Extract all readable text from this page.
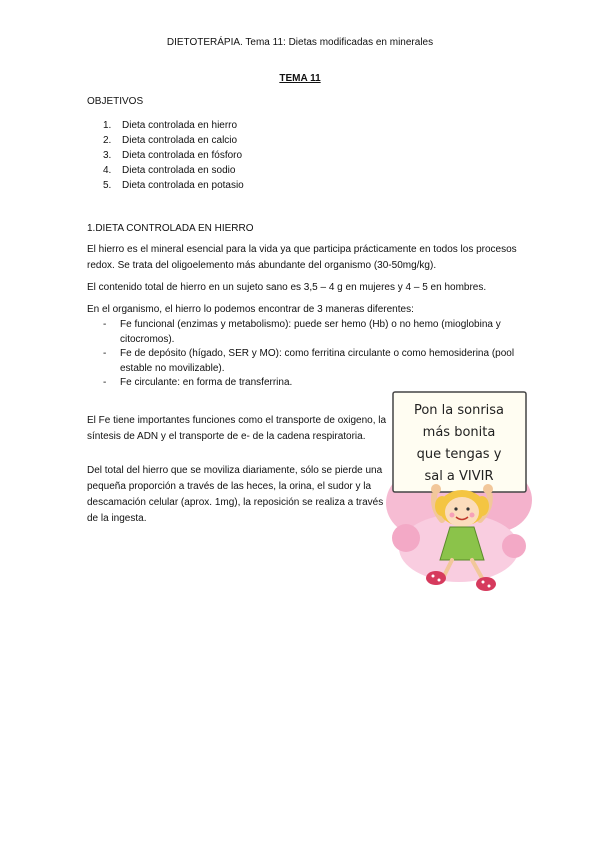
DIETOTERÁPIA. Tema 11: Dietas modificadas en minerales
TEMA 11
OBJETIVOS
1. Dieta controlada en hierro
2. Dieta controlada en calcio
3. Dieta controlada en fósforo
4. Dieta controlada en sodio
5. Dieta controlada en potasio
1.DIETA CONTROLADA EN HIERRO

El hierro es el mineral esencial para la vida ya que participa prácticamente en todos los procesos redox. Se trata del oligoelemento más abundante del organismo (30-50mg/kg).

El contenido total de hierro en un sujeto sano es 3,5 – 4 g en mujeres y 4 – 5 en hombres.

En el organismo, el hierro lo podemos encontrar de 3 maneras diferentes:

- Fe funcional (enzimas y metabolismo): puede ser hemo (Hb) o no hemo (mioglobina y citocromos).
- Fe de depósito (hígado, SER y MO): como ferritina circulante o como hemosiderina (pool estable no movilizable).
- Fe circulante: en forma de transferrina.

El Fe tiene importantes funciones como el transporte de oxigeno, la síntesis de ADN y el transporte de e- de la cadena respiratoria.

Del total del hierro que se moviliza diariamente, sólo se pierde una pequeña proporción a través de las heces, la orina, el sudor y la descamación celular (aprox. 1mg), la reposición se realiza a través de la ingesta.

Pon la sonrisa
más bonita
que tengas y
sal a VIVIR
